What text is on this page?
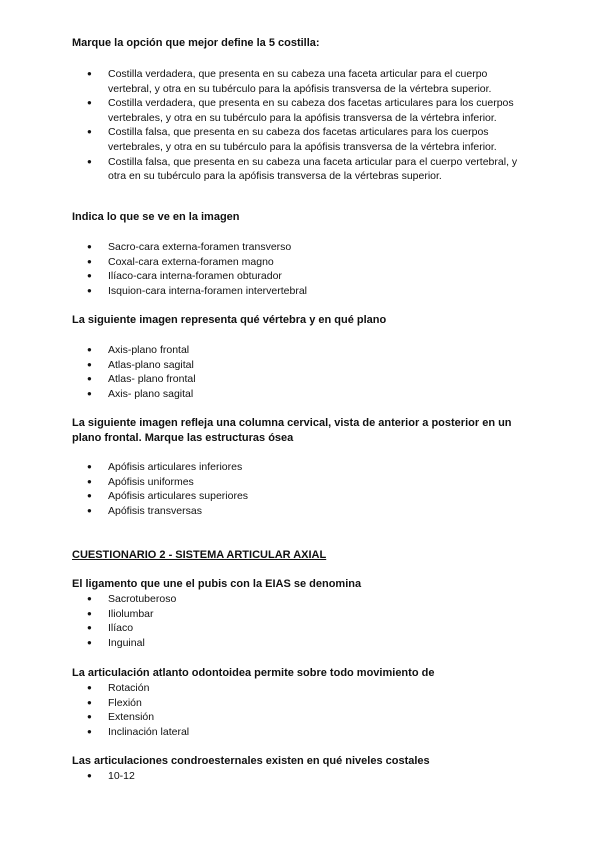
Marque la opción que mejor define la 5 costilla:

● Costilla verdadera, que presenta en su cabeza una faceta articular para el cuerpo vertebral, y otra en su tubérculo para la apófisis transversa de la vértebra superior.
● Costilla verdadera, que presenta en su cabeza dos facetas articulares para los cuerpos vertebrales, y otra en su tubérculo para la apófisis transversa de la vértebra inferior.
● Costilla falsa, que presenta en su cabeza dos facetas articulares para los cuerpos vertebrales, y otra en su tubérculo para la apófisis transversa de la vértebra inferior.
● Costilla falsa, que presenta en su cabeza una faceta articular para el cuerpo vertebral, y otra en su tubérculo para la apófisis transversa de la vértebras superior.

Indica lo que se ve en la imagen

● Sacro-cara externa-foramen transverso
● Coxal-cara externa-foramen magno
● Ilíaco-cara interna-foramen obturador
● Isquion-cara interna-foramen intervertebral

La siguiente imagen representa qué vértebra y en qué plano

● Axis-plano frontal
● Atlas-plano sagital
● Atlas- plano frontal
● Axis- plano sagital

La siguiente imagen refleja una columna cervical, vista de anterior a posterior en un plano frontal. Marque las estructuras ósea

● Apófisis articulares inferiores
● Apófisis uniformes
● Apófisis articulares superiores
● Apófisis transversas

CUESTIONARIO 2 - SISTEMA ARTICULAR AXIAL

El ligamento que une el pubis con la EIAS se denomina

● Sacrotuberoso
● Iliolumbar
● Ilíaco
● Inguinal

La articulación atlanto odontoidea permite sobre todo movimiento de

● Rotación
● Flexión
● Extensión
● Inclinación lateral

Las articulaciones condroesternales existen en qué niveles costales

● 10-12
